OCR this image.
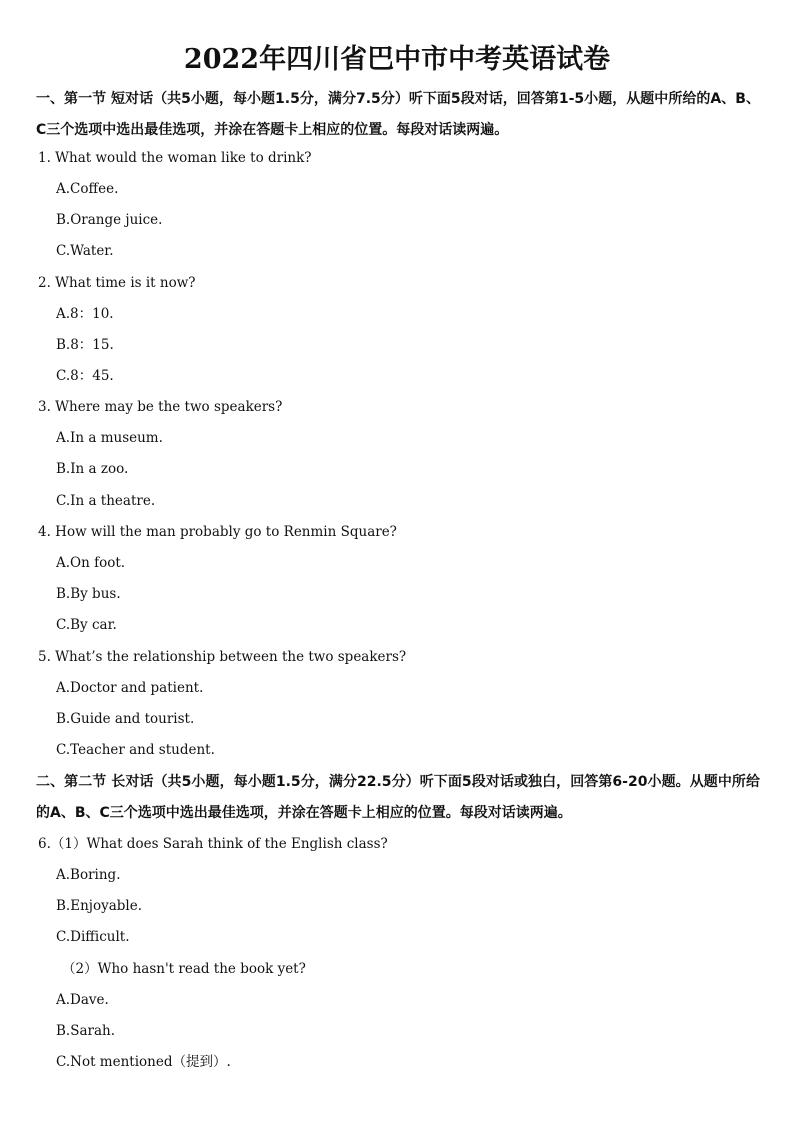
2022年四川省巴中市中考英语试卷
一、第一节 短对话（共5小题，每小题1.5分，满分7.5分）听下面5段对话，回答第1-5小题，从题中所给的A、B、C三个选项中选出最佳选项，并涂在答题卡上相应的位置。每段对话读两遍。
1. What would the woman like to drink?
A.Coffee.
B.Orange juice.
C.Water.
2. What time is it now?
A.8：10.
B.8：15.
C.8：45.
3. Where may be the two speakers?
A.In a museum.
B.In a zoo.
C.In a theatre.
4. How will the man probably go to Renmin Square?
A.On foot.
B.By bus.
C.By car.
5. What’s the relationship between the two speakers?
A.Doctor and patient.
B.Guide and tourist.
C.Teacher and student.
二、第二节 长对话（共5小题，每小题1.5分，满分22.5分）听下面5段对话或独白，回答第6-20小题。从题中所给的A、B、C三个选项中选出最佳选项，并涂在答题卡上相应的位置。每段对话读两遍。
6.（1）What does Sarah think of the English class?
A.Boring.
B.Enjoyable.
C.Difficult.
（2）Who hasn't read the book yet?
A.Dave.
B.Sarah.
C.Not mentioned（提到）.
